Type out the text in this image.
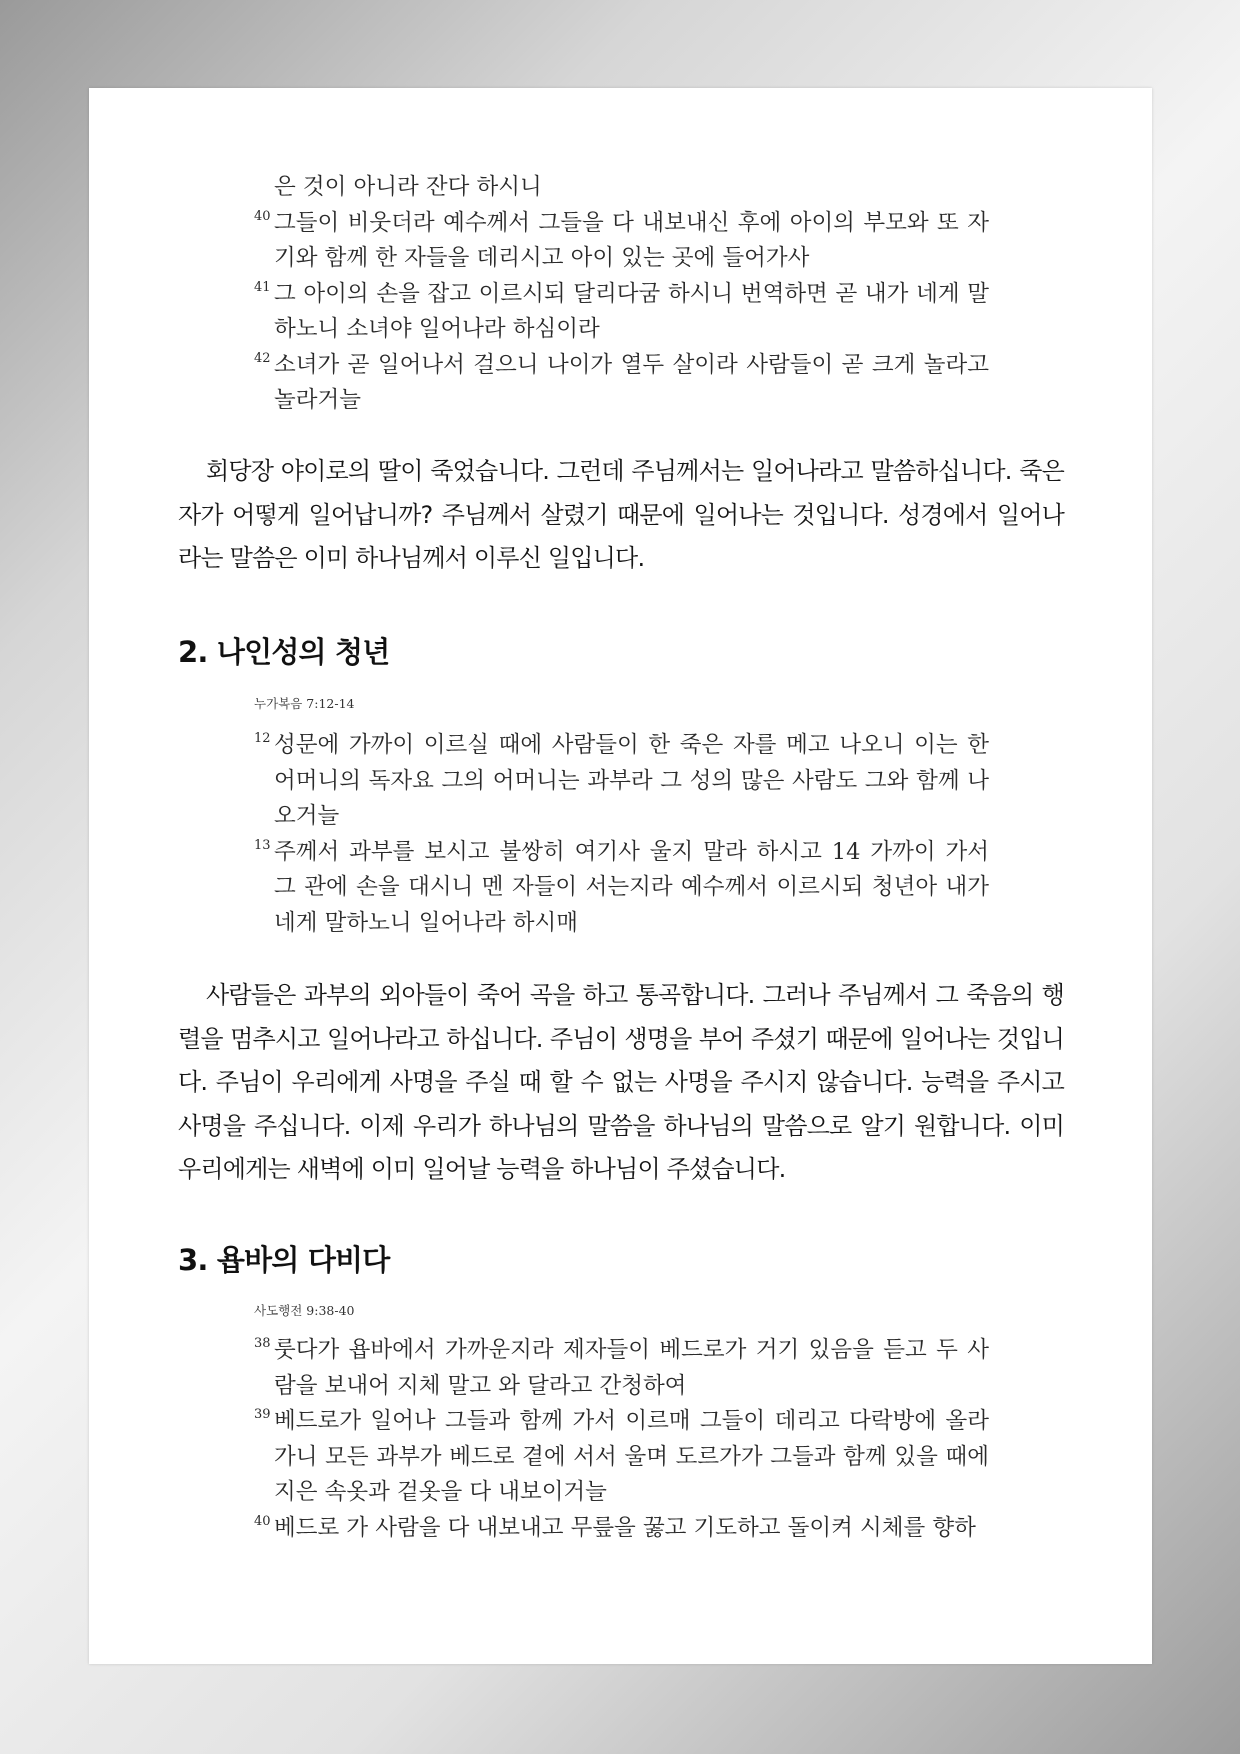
은 것이 아니라 잔다 하시니
40 그들이 비웃더라 예수께서 그들을 다 내보내신 후에 아이의 부모와 또 자기와 함께 한 자들을 데리시고 아이 있는 곳에 들어가사
41 그 아이의 손을 잡고 이르시되 달리다굼 하시니 번역하면 곧 내가 네게 말하노니 소녀야 일어나라 하심이라
42 소녀가 곧 일어나서 걸으니 나이가 열두 살이라 사람들이 곧 크게 놀라고 놀라거늘

회당장 야이로의 딸이 죽었습니다. 그런데 주님께서는 일어나라고 말씀하십니다. 죽은 자가 어떻게 일어납니까? 주님께서 살렸기 때문에 일어나는 것입니다. 성경에서 일어나라는 말씀은 이미 하나님께서 이루신 일입니다.

2. 나인성의 청년
누가복음 7:12-14
12 성문에 가까이 이르실 때에 사람들이 한 죽은 자를 메고 나오니 이는 한 어머니의 독자요 그의 어머니는 과부라 그 성의 많은 사람도 그와 함께 나오거늘
13 주께서 과부를 보시고 불쌍히 여기사 울지 말라 하시고 14 가까이 가서 그 관에 손을 대시니 멘 자들이 서는지라 예수께서 이르시되 청년아 내가 네게 말하노니 일어나라 하시매

사람들은 과부의 외아들이 죽어 곡을 하고 통곡합니다. 그러나 주님께서 그 죽음의 행렬을 멈추시고 일어나라고 하십니다. 주님이 생명을 부어 주셨기 때문에 일어나는 것입니다. 주님이 우리에게 사명을 주실 때 할 수 없는 사명을 주시지 않습니다. 능력을 주시고 사명을 주십니다. 이제 우리가 하나님의 말씀을 하나님의 말씀으로 알기 원합니다. 이미 우리에게는 새벽에 이미 일어날 능력을 하나님이 주셨습니다.

3. 욥바의 다비다
사도행전 9:38-40
38 룻다가 욥바에서 가까운지라 제자들이 베드로가 거기 있음을 듣고 두 사람을 보내어 지체 말고 와 달라고 간청하여
39 베드로가 일어나 그들과 함께 가서 이르매 그들이 데리고 다락방에 올라가니 모든 과부가 베드로 곁에 서서 울며 도르가가 그들과 함께 있을 때에 지은 속옷과 겉옷을 다 내보이거늘
40 베드로 가 사람을 다 내보내고 무릎을 꿇고 기도하고 돌이켜 시체를 향하
